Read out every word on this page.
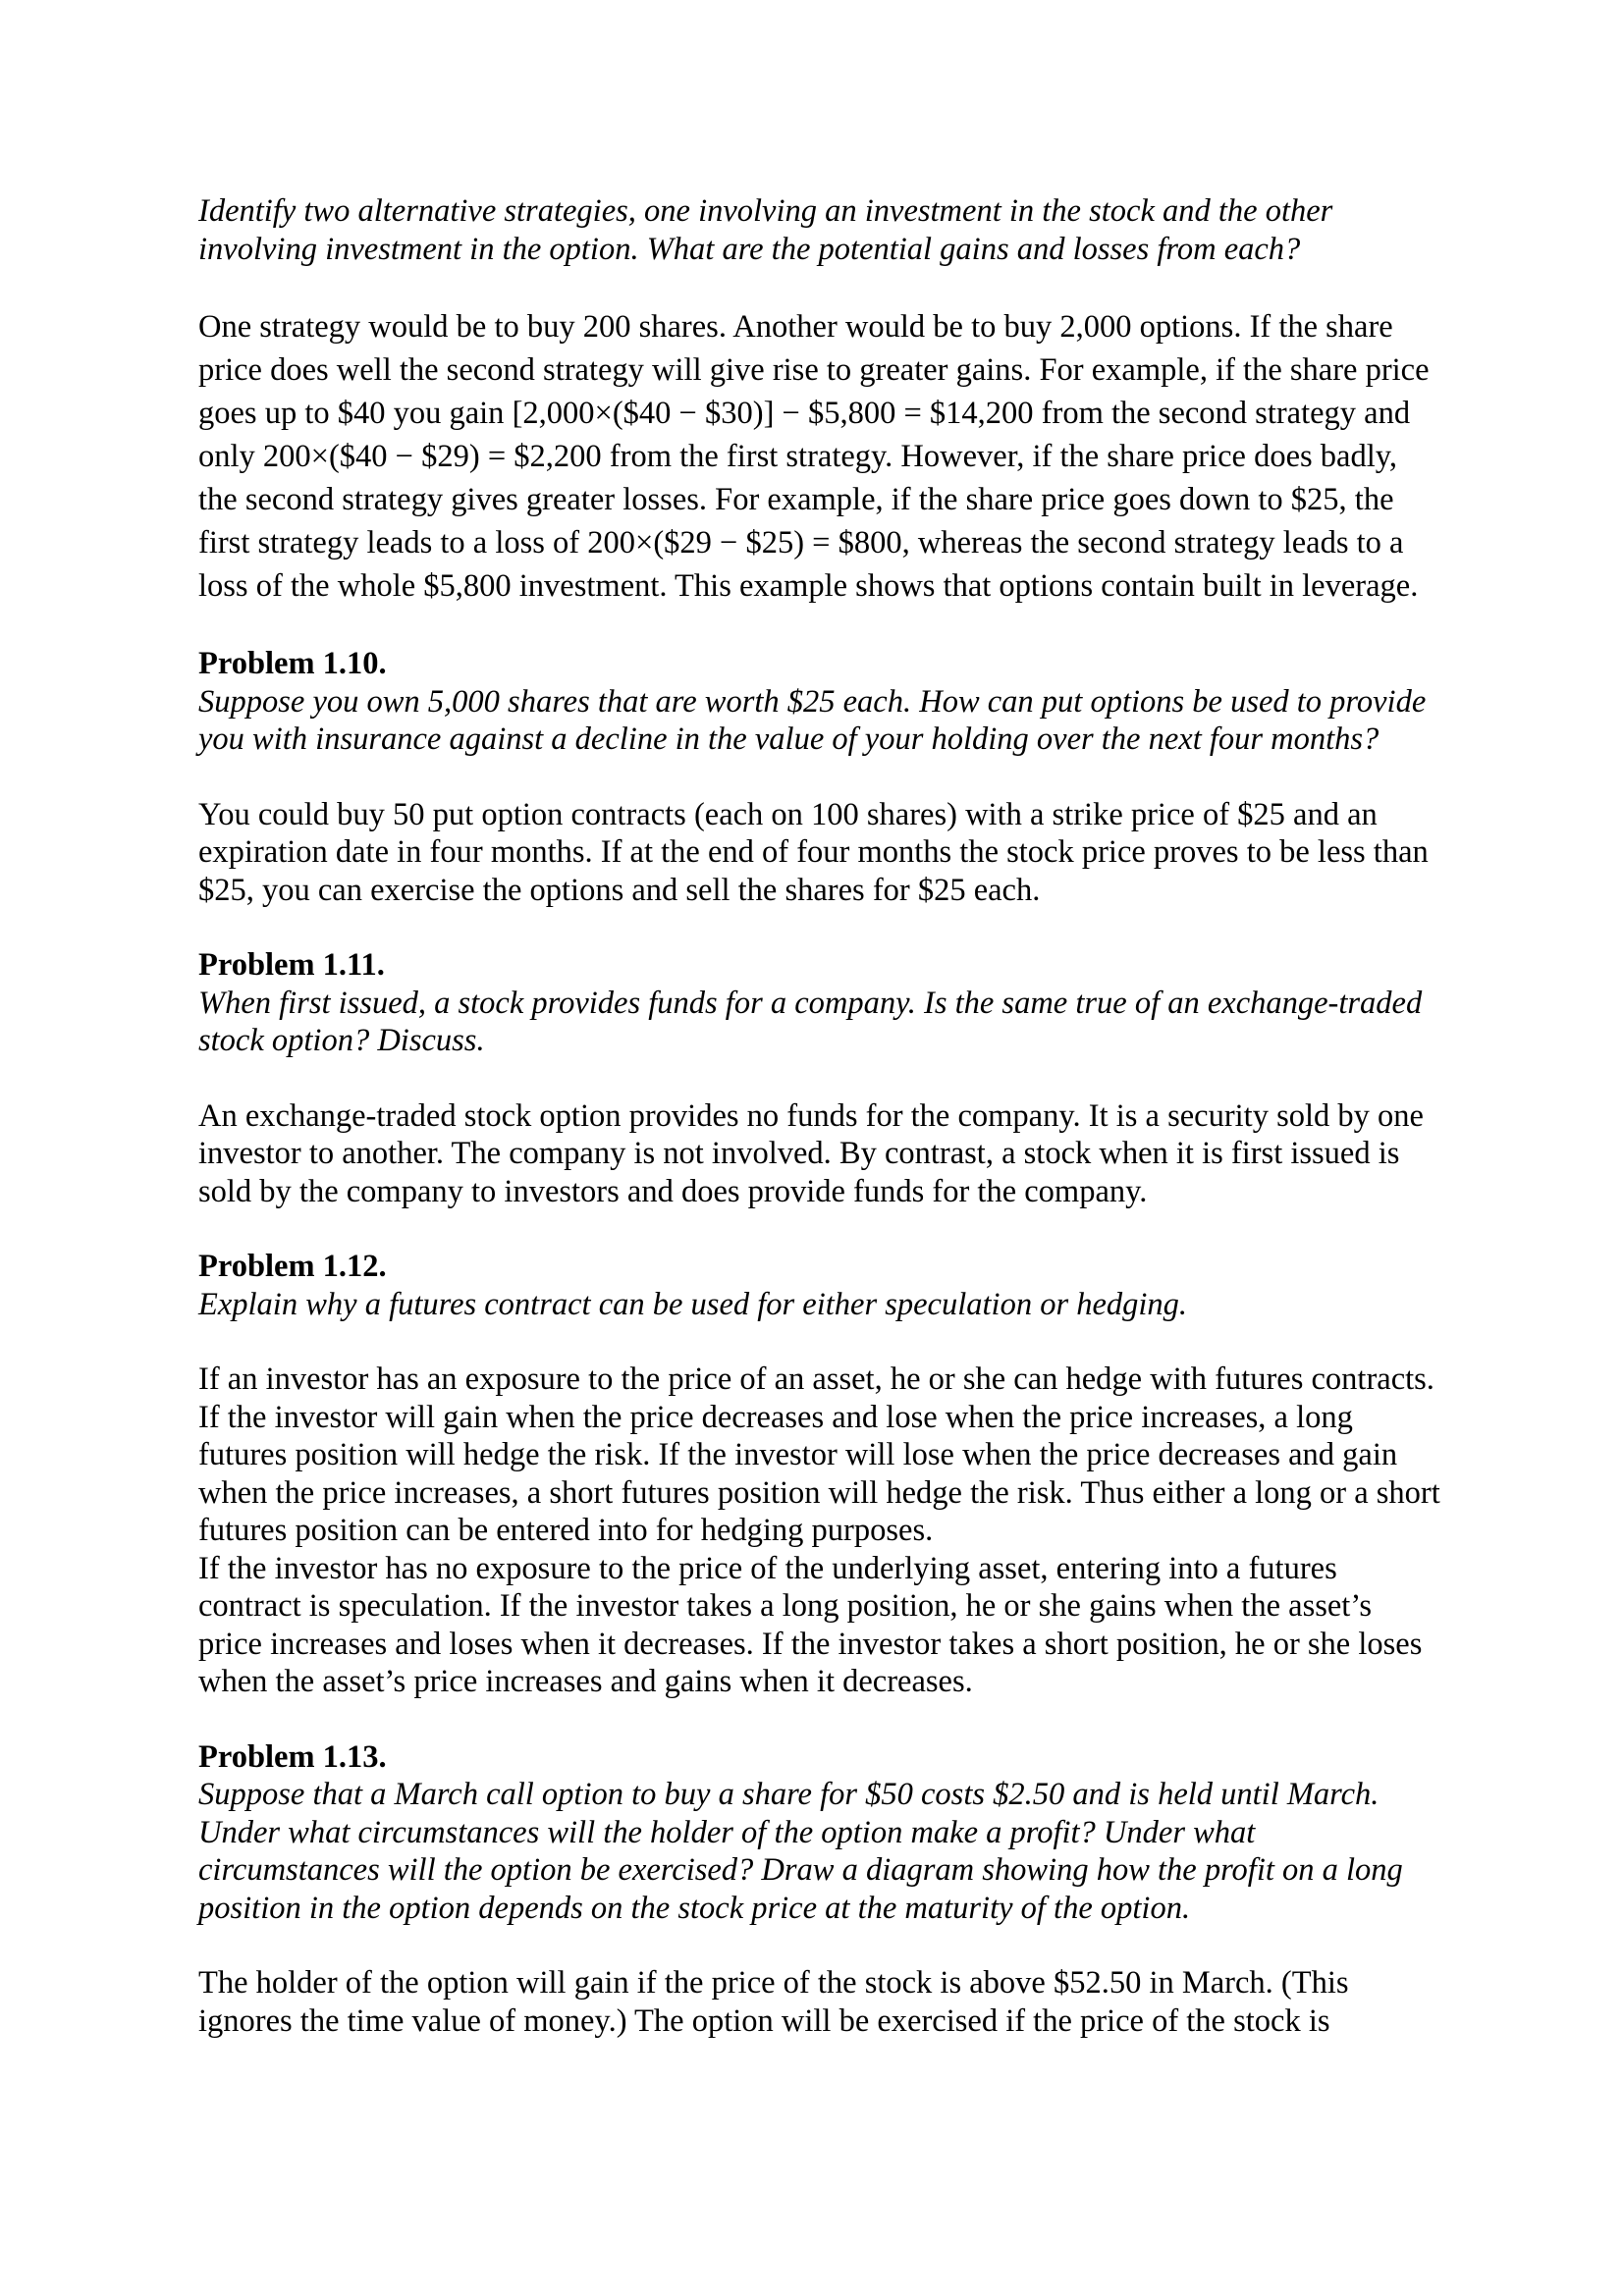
Identify two alternative strategies, one involving an investment in the stock and the other involving investment in the option. What are the potential gains and losses from each?

One strategy would be to buy 200 shares. Another would be to buy 2,000 options. If the share price does well the second strategy will give rise to greater gains. For example, if the share price goes up to $40 you gain [2,000×($40 − $30)] − $5,800 = $14,200 from the second strategy and only 200×($40 − $29) = $2,200 from the first strategy. However, if the share price does badly, the second strategy gives greater losses. For example, if the share price goes down to $25, the first strategy leads to a loss of 200×($29 − $25) = $800, whereas the second strategy leads to a loss of the whole $5,800 investment. This example shows that options contain built in leverage.

Problem 1.10.

Suppose you own 5,000 shares that are worth $25 each. How can put options be used to provide you with insurance against a decline in the value of your holding over the next four months?

You could buy 50 put option contracts (each on 100 shares) with a strike price of $25 and an expiration date in four months. If at the end of four months the stock price proves to be less than $25, you can exercise the options and sell the shares for $25 each.

Problem 1.11.

When first issued, a stock provides funds for a company. Is the same true of an exchange-traded stock option? Discuss.

An exchange-traded stock option provides no funds for the company. It is a security sold by one investor to another. The company is not involved. By contrast, a stock when it is first issued is sold by the company to investors and does provide funds for the company.

Problem 1.12.

Explain why a futures contract can be used for either speculation or hedging.

If an investor has an exposure to the price of an asset, he or she can hedge with futures contracts. If the investor will gain when the price decreases and lose when the price increases, a long futures position will hedge the risk. If the investor will lose when the price decreases and gain when the price increases, a short futures position will hedge the risk. Thus either a long or a short futures position can be entered into for hedging purposes.

If the investor has no exposure to the price of the underlying asset, entering into a futures contract is speculation. If the investor takes a long position, he or she gains when the asset’s price increases and loses when it decreases. If the investor takes a short position, he or she loses when the asset’s price increases and gains when it decreases.

Problem 1.13.

Suppose that a March call option to buy a share for $50 costs $2.50 and is held until March. Under what circumstances will the holder of the option make a profit? Under what circumstances will the option be exercised? Draw a diagram showing how the profit on a long position in the option depends on the stock price at the maturity of the option.

The holder of the option will gain if the price of the stock is above $52.50 in March. (This ignores the time value of money.) The option will be exercised if the price of the stock is
